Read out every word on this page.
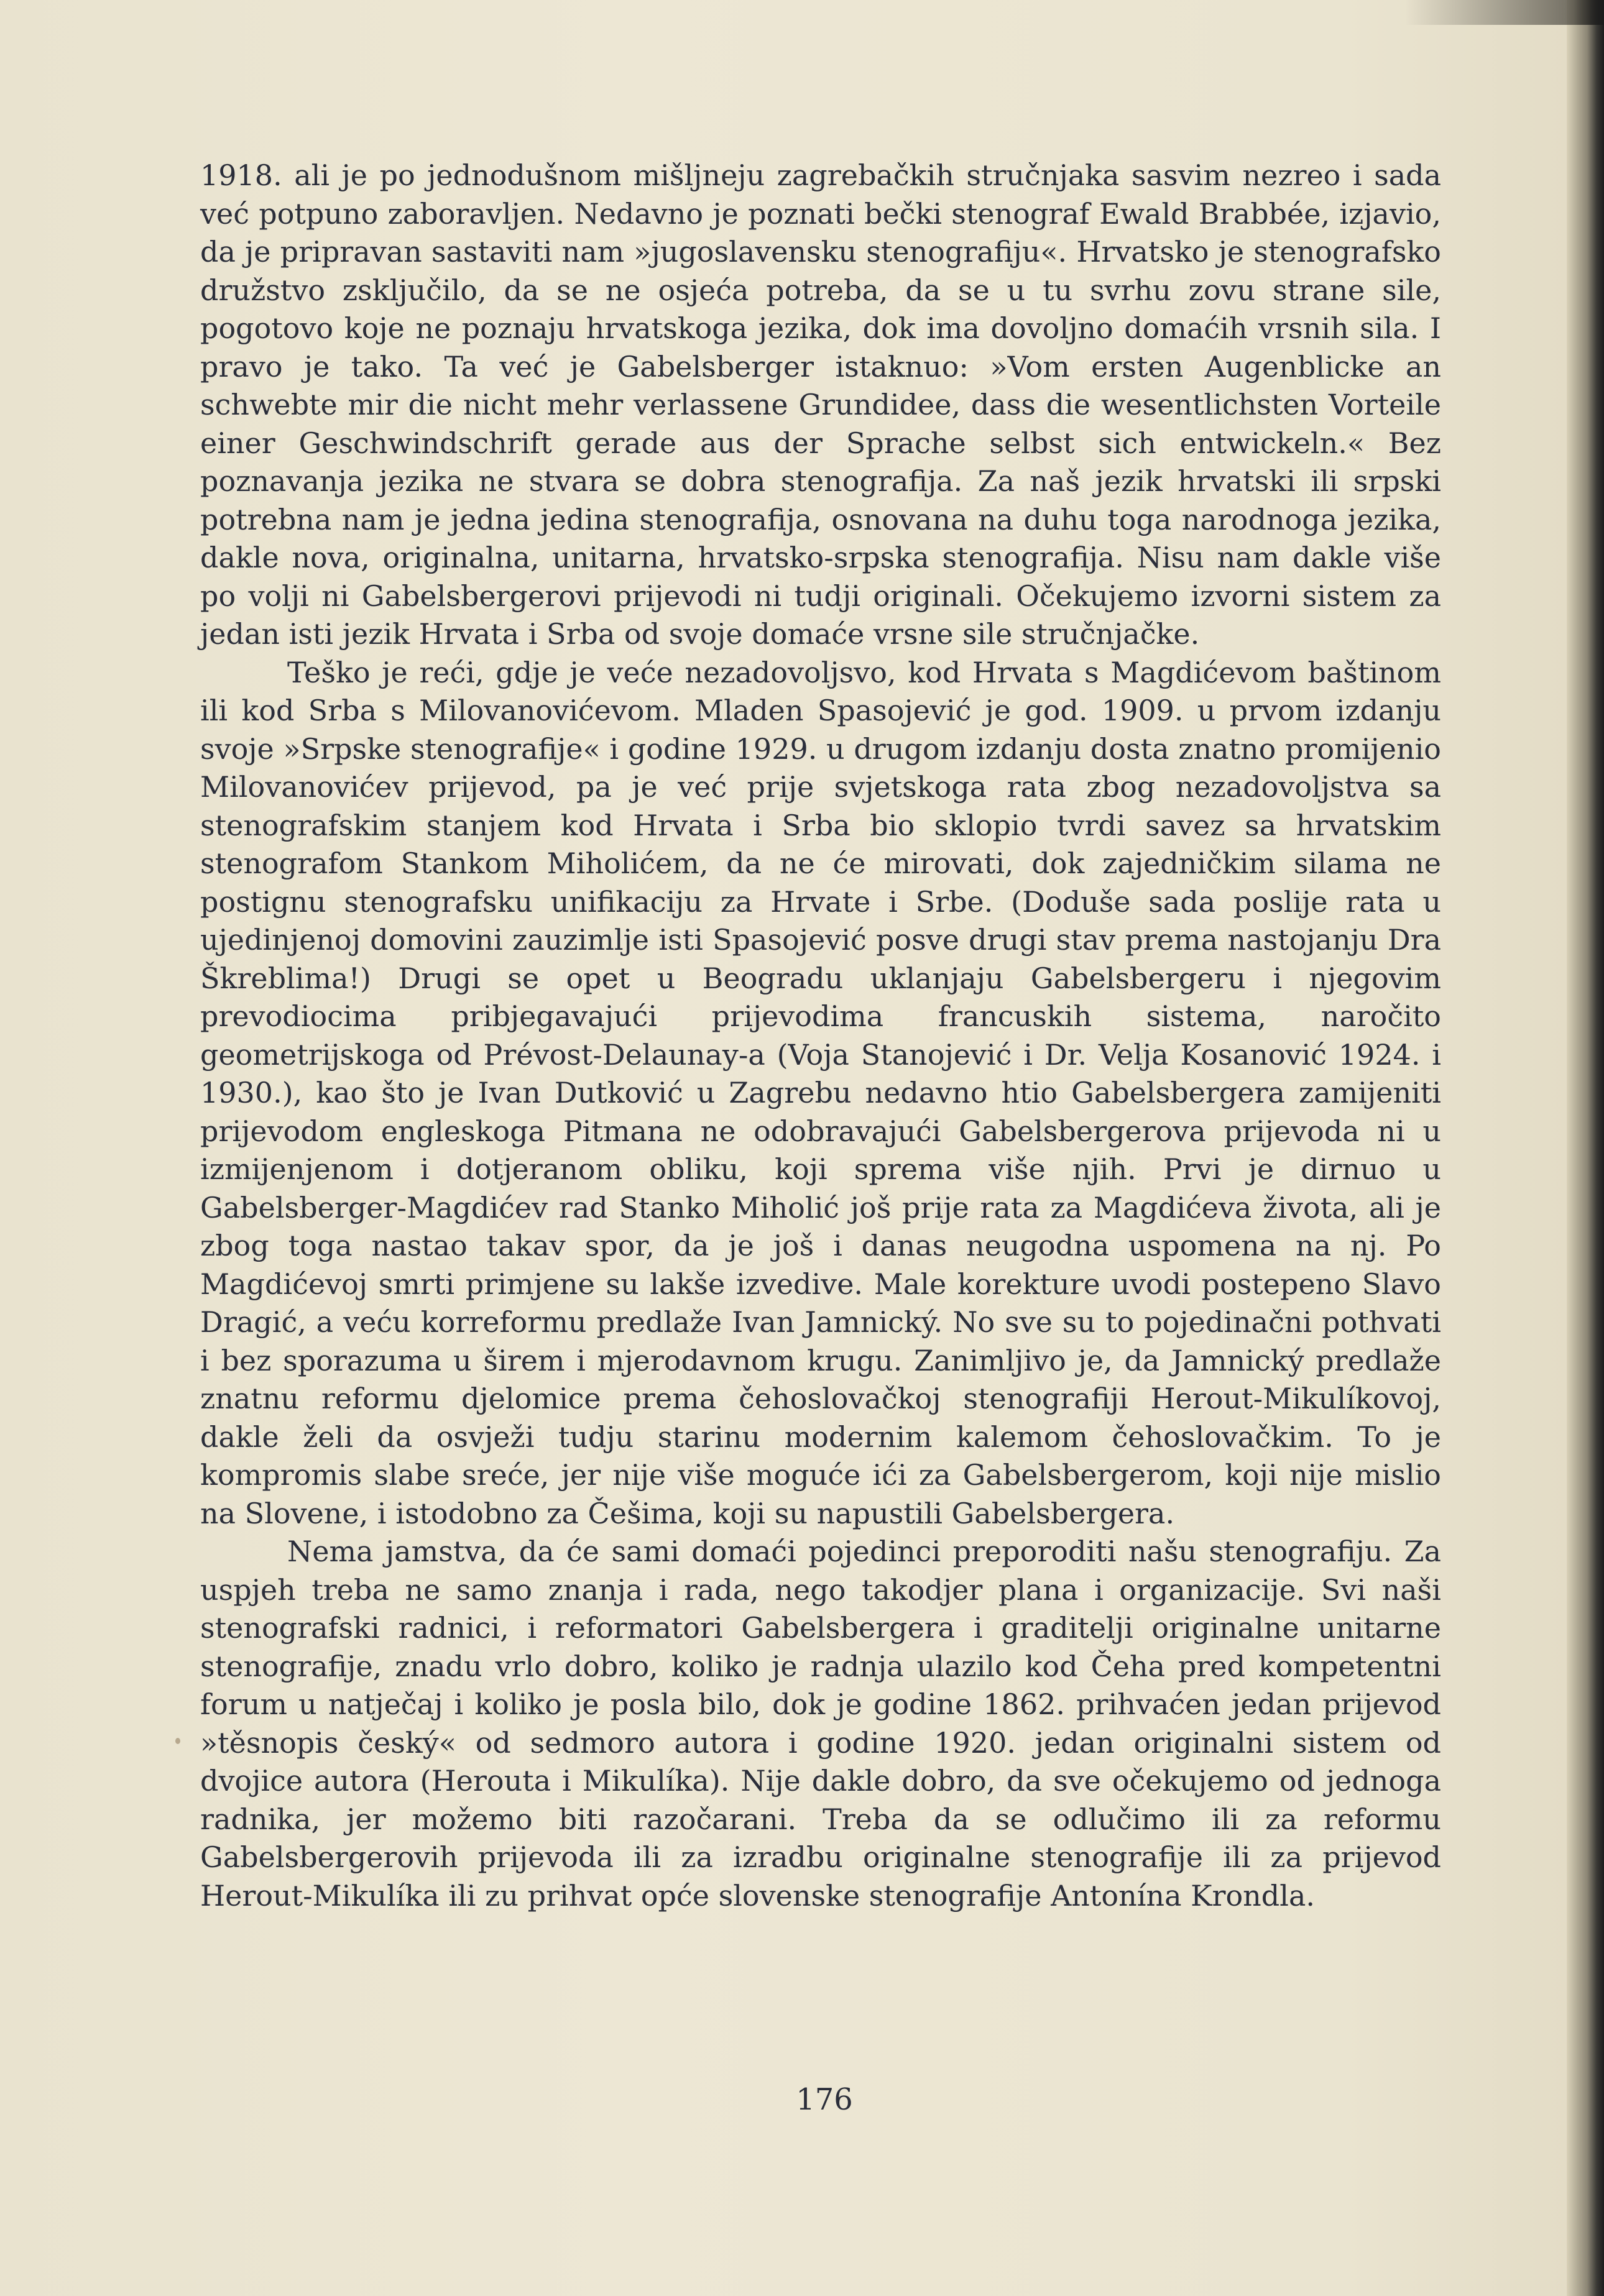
1918. ali je po jednodušnom mišljneju zagrebačkih stručnjaka sasvim nezreo i sada već potpuno zaboravljen. Nedavno je poznati bečki stenograf Ewald Brabbée, izjavio, da je pripravan sastaviti nam »jugoslavensku stenografiju«. Hrvatsko je stenografsko družstvo zsključilo, da se ne osjeća potreba, da se u tu svrhu zovu strane sile, pogotovo koje ne poznaju hrvatskoga jezika, dok ima dovoljno domaćih vrsnih sila. I pravo je tako. Ta već je Gabelsberger istaknuo: »Vom ersten Augenblicke an schwebte mir die nicht mehr verlassene Grundidee, dass die wesentlichsten Vorteile einer Geschwindschrift gerade aus der Sprache selbst sich entwickeln.« Bez poznavanja jezika ne stvara se dobra stenografija. Za naš jezik hrvatski ili srpski potrebna nam je jedna jedina stenografija, osnovana na duhu toga narodnoga jezika, dakle nova, originalna, unitarna, hrvatsko-srpska stenografija. Nisu nam dakle više po volji ni Gabelsbergerovi prijevodi ni tudji originali. Očekujemo izvorni sistem za jedan isti jezik Hrvata i Srba od svoje domaće vrsne sile stručnjačke.

Teško je reći, gdje je veće nezadovoljsvo, kod Hrvata s Magdićevom baštinom ili kod Srba s Milovanovićevom. Mladen Spasojević je god. 1909. u prvom izdanju svoje »Srpske stenografije« i godine 1929. u drugom izdanju dosta znatno promijenio Milovanovićev prijevod, pa je već prije svjetskoga rata zbog nezadovoljstva sa stenografskim stanjem kod Hrvata i Srba bio sklopio tvrdi savez sa hrvatskim stenografom Stankom Miholićem, da ne će mirovati, dok zajedničkim silama ne postignu stenografsku unifikaciju za Hrvate i Srbe. (Doduše sada poslije rata u ujedinjenoj domovini zauzimlje isti Spasojević posve drugi stav prema nastojanju Dra Škreblima!) Drugi se opet u Beogradu uklanjaju Gabelsbergeru i njegovim prevodiocima pribjegavajući prijevodima francuskih sistema, naročito geometrijskoga od Prévost-Delaunay-a (Voja Stanojević i Dr. Velja Kosanović 1924. i 1930.), kao što je Ivan Dutković u Zagrebu nedavno htio Gabelsbergera zamijeniti prijevodom engleskoga Pitmana ne odobravajući Gabelsbergerova prijevoda ni u izmijenjenom i dotjeranom obliku, koji sprema više njih. Prvi je dirnuo u Gabelsberger-Magdićev rad Stanko Miholić još prije rata za Magdićeva života, ali je zbog toga nastao takav spor, da je još i danas neugodna uspomena na nj. Po Magdićevoj smrti primjene su lakše izvedive. Male korekture uvodi postepeno Slavo Dragić, a veću korreformu predlaže Ivan Jamnický. No sve su to pojedinačni pothvati i bez sporazuma u širem i mjerodavnom krugu. Zanimljivo je, da Jamnický predlaže znatnu reformu djelomice prema čehoslovačkoj stenografiji Herout-Mikulíkovoj, dakle želi da osvježi tudju starinu modernim kalemom čehoslovačkim. To je kompromis slabe sreće, jer nije više moguće ići za Gabelsbergerom, koji nije mislio na Slovene, i istodobno za Češima, koji su napustili Gabelsbergera.

Nema jamstva, da će sami domaći pojedinci preporoditi našu stenografiju. Za uspjeh treba ne samo znanja i rada, nego takodjer plana i organizacije. Svi naši stenografski radnici, i reformatori Gabelsbergera i graditelji originalne unitarne stenografije, znadu vrlo dobro, koliko je radnja ulazilo kod Čeha pred kompetentni forum u natječaj i koliko je posla bilo, dok je godine 1862. prihvaćen jedan prijevod »těsnopis český« od sedmoro autora i godine 1920. jedan originalni sistem od dvojice autora (Herouta i Mikulíka). Nije dakle dobro, da sve očekujemo od jednoga radnika, jer možemo biti razočarani. Treba da se odlučimo ili za reformu Gabelsbergerovih prijevoda ili za izradbu originalne stenografije ili za prijevod Herout-Mikulíka ili zu prihvat opće slovenske stenografije Antonína Krondla.

176
